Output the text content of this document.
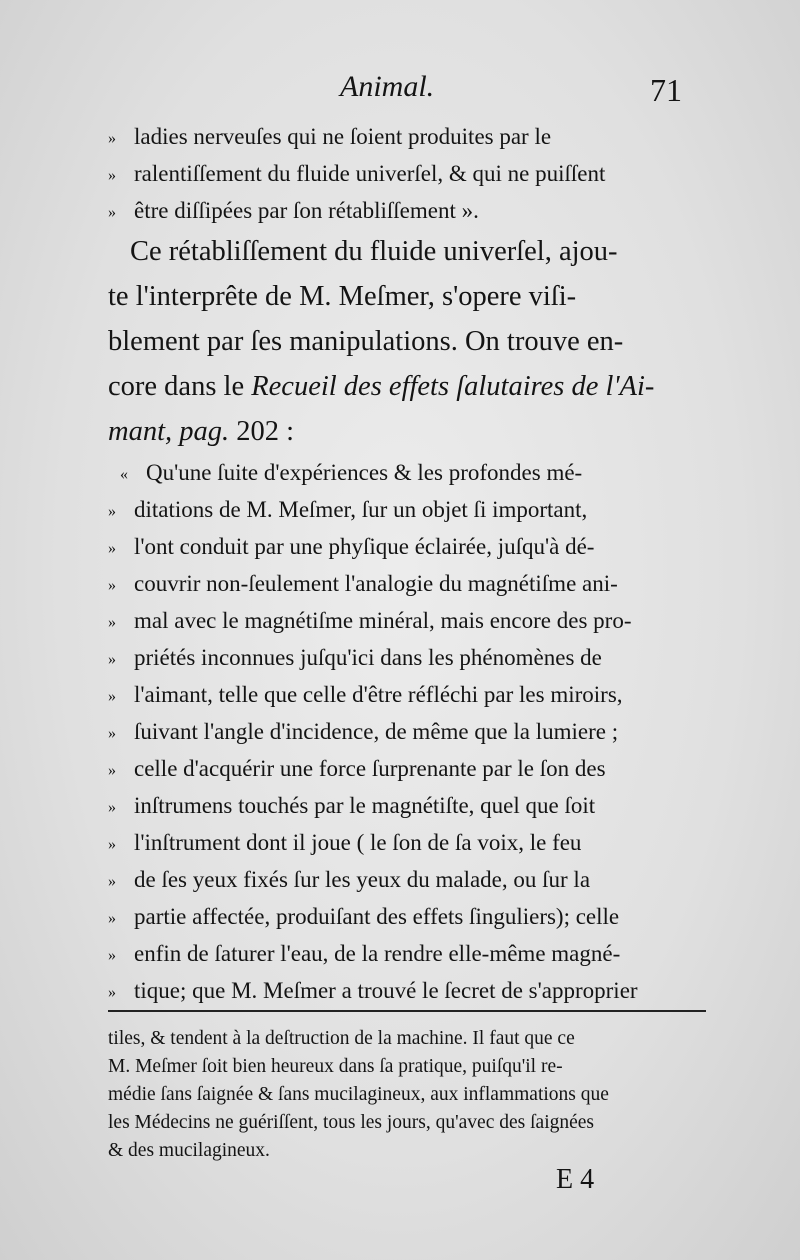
Animal.	71
» ladies nerveuſes qui ne ſoient produites par le
» ralentiſſement du fluide univerſel, & qui ne puiſſent
» être diſſipées par ſon rétabliſſement ».
Ce rétabliſſement du fluide univerſel, ajou-
te l'interprête de M. Meſmer, s'opere viſi-
blement par ſes manipulations. On trouve en-
core dans le Recueil des effets ſalutaires de l'Ai-
mant, pag. 202 :
« Qu'une ſuite d'expériences & les profondes mé-
» ditations de M. Meſmer, ſur un objet ſi important,
» l'ont conduit par une phyſique éclairée, juſqu'à dé-
» couvrir non-ſeulement l'analogie du magnétiſme ani-
» mal avec le magnétiſme minéral, mais encore des pro-
» priétés inconnues juſqu'ici dans les phénomènes de
» l'aimant, telle que celle d'être réfléchi par les miroirs,
» ſuivant l'angle d'incidence, de même que la lumiere ;
» celle d'acquérir une force ſurprenante par le ſon des
» inſtrumens touchés par le magnétiſte, quel que ſoit
» l'inſtrument dont il joue ( le ſon de ſa voix, le feu
» de ſes yeux fixés ſur les yeux du malade, ou ſur la
» partie affectée, produiſant des effets ſinguliers); celle
» enfin de ſaturer l'eau, de la rendre elle-même magné-
» tique; que M. Meſmer a trouvé le ſecret de s'approprier
tiles, & tendent à la deſtruction de la machine. Il faut que ce
M. Meſmer ſoit bien heureux dans ſa pratique, puiſqu'il re-
médie ſans ſaignée & ſans mucilagineux, aux inflammations que
les Médecins ne guériſſent, tous les jours, qu'avec des ſaignées
& des mucilagineux.
E 4
